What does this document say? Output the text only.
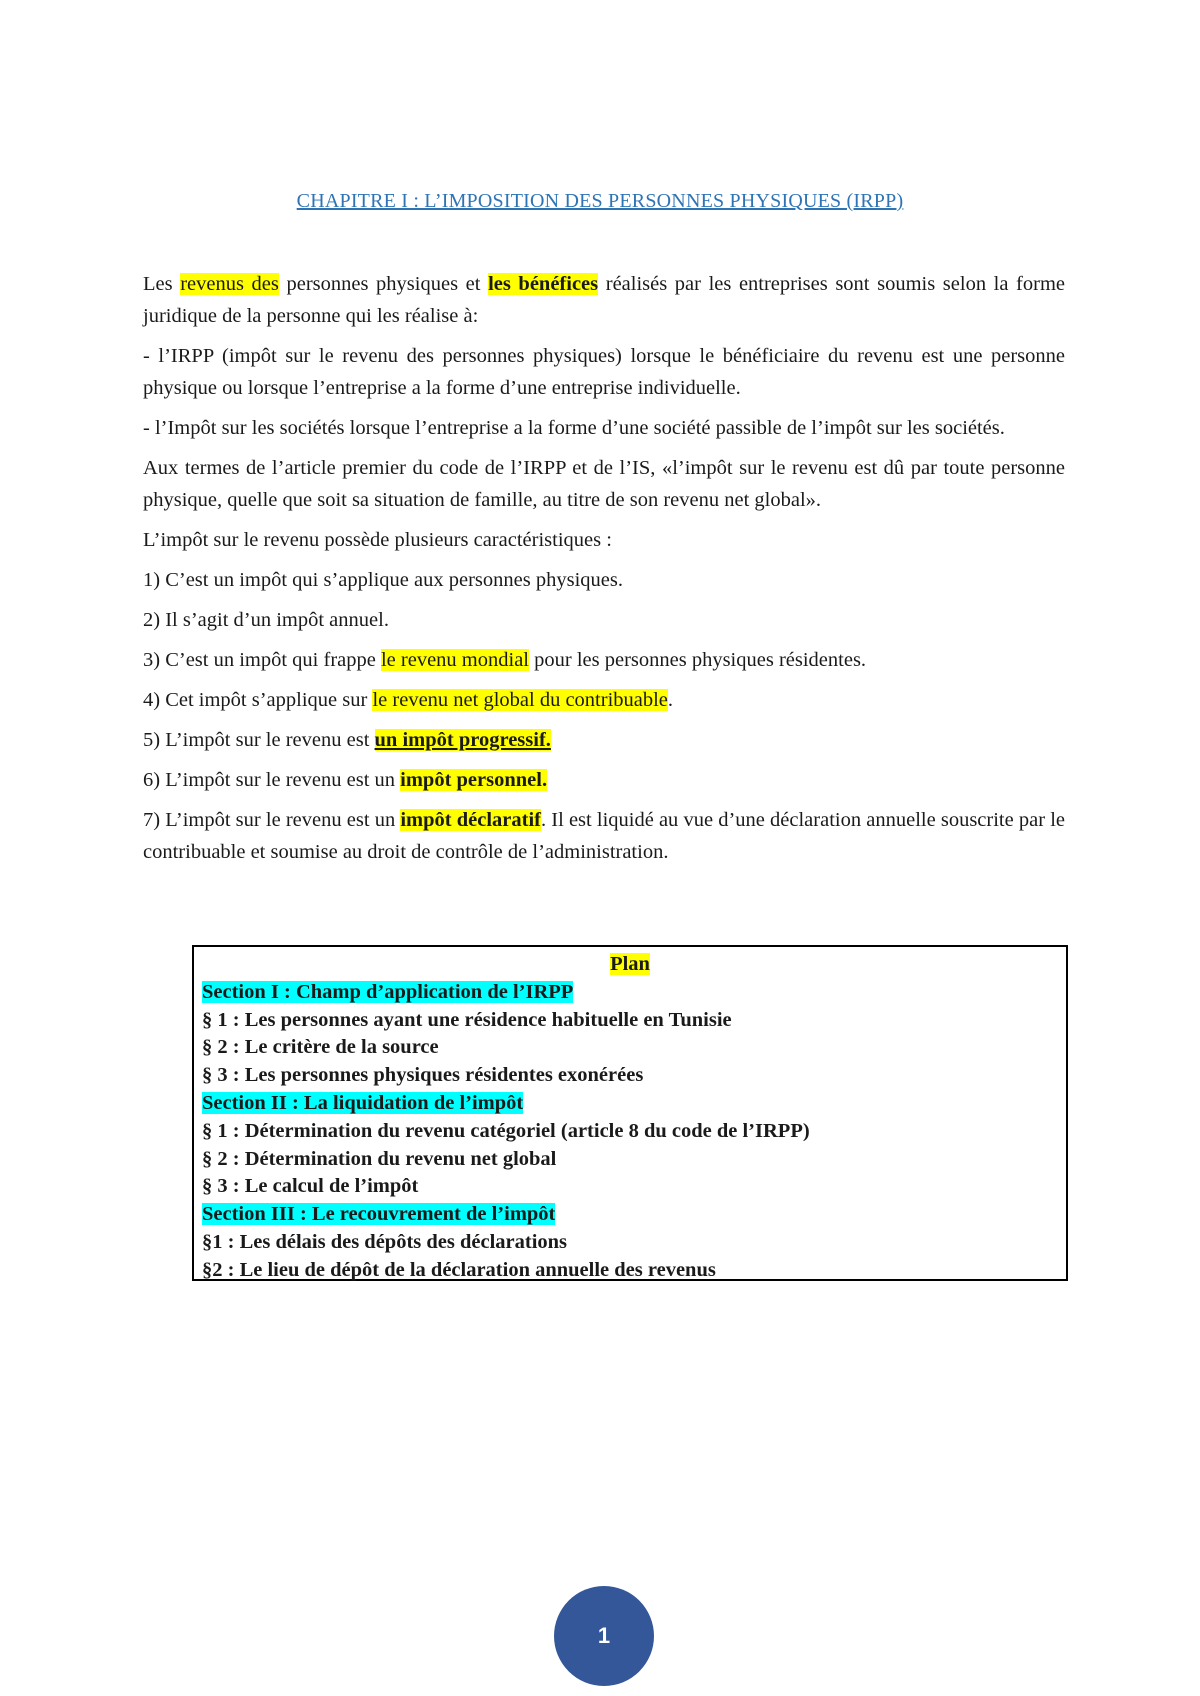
CHAPITRE I : L’IMPOSITION DES PERSONNES PHYSIQUES (IRPP)

Les revenus des personnes physiques et les bénéfices réalisés par les entreprises sont soumis selon la forme juridique de la personne qui les réalise à:

- l’IRPP (impôt sur le revenu des personnes physiques) lorsque le bénéficiaire du revenu est une personne physique ou lorsque l’entreprise a la forme d’une entreprise individuelle.

- l’Impôt sur les sociétés lorsque l’entreprise a la forme d’une société passible de l’impôt sur les sociétés.

Aux termes de l’article premier du code de l’IRPP et de l’IS, «l’impôt sur le revenu est dû par toute personne physique, quelle que soit sa situation de famille, au titre de son revenu net global».

L’impôt sur le revenu possède plusieurs caractéristiques :

1) C’est un impôt qui s’applique aux personnes physiques.

2) Il s’agit d’un impôt annuel.

3) C’est un impôt qui frappe le revenu mondial pour les personnes physiques résidentes.

4) Cet impôt s’applique sur le revenu net global du contribuable.

5) L’impôt sur le revenu est un impôt progressif.

6) L’impôt sur le revenu est un impôt personnel.

7) L’impôt sur le revenu est un impôt déclaratif. Il est liquidé au vue d’une déclaration annuelle souscrite par le contribuable et soumise au droit de contrôle de l’administration.

Plan
Section I : Champ d’application de l’IRPP
§ 1 : Les personnes ayant une résidence habituelle en Tunisie
§ 2 : Le critère de la source
§ 3 : Les personnes physiques résidentes exonérées
Section II : La liquidation de l’impôt
§ 1 : Détermination du revenu catégoriel (article 8 du code de l’IRPP)
§ 2 : Détermination du revenu net global
§ 3 : Le calcul de l’impôt
Section III : Le recouvrement de l’impôt
§1 : Les délais des dépôts des déclarations
§2 : Le lieu de dépôt de la déclaration annuelle des revenus
1
